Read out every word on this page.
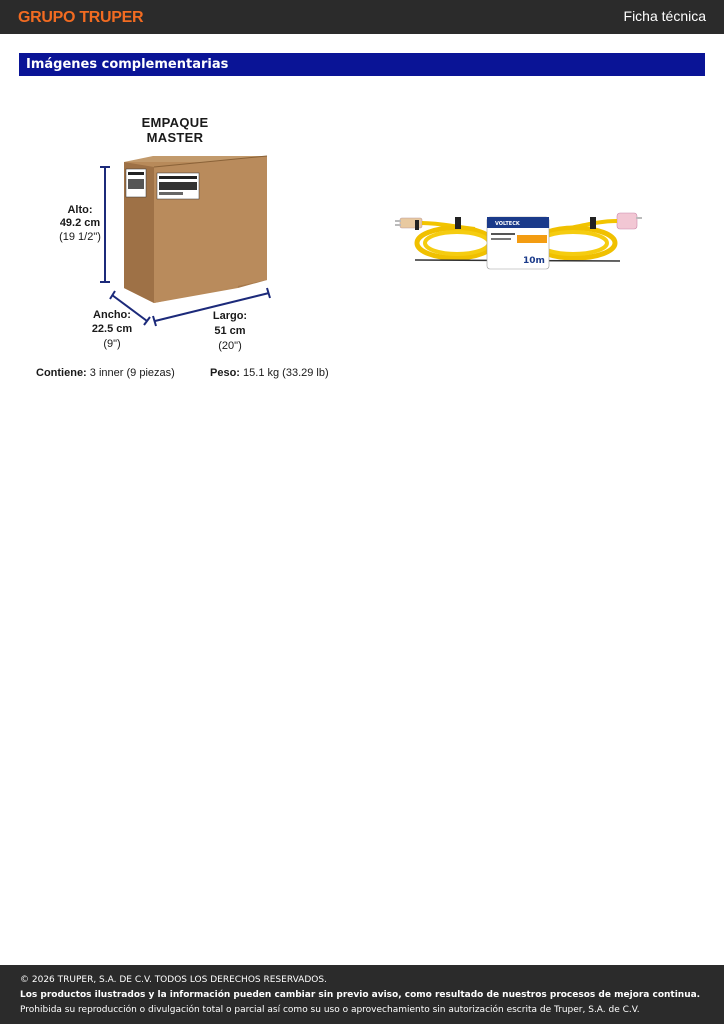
GRUPO TRUPER	Ficha técnica
Imágenes complementarias
EMPAQUE MASTER
Alto:
49.2 cm
(19 1/2")
Ancho:
22.5 cm
(9")
Largo:
51 cm
(20")
Contiene: 3 inner (9 piezas)	Peso: 15.1 kg (33.29 lb)
VOLTECK
10m

© 2026 TRUPER, S.A. DE C.V. TODOS LOS DERECHOS RESERVADOS.

Los productos ilustrados y la información pueden cambiar sin previo aviso, como resultado de nuestros procesos de mejora continua.

Prohibida su reproducción o divulgación total o parcial así como su uso o aprovechamiento sin autorización escrita de Truper, S.A. de C.V.
